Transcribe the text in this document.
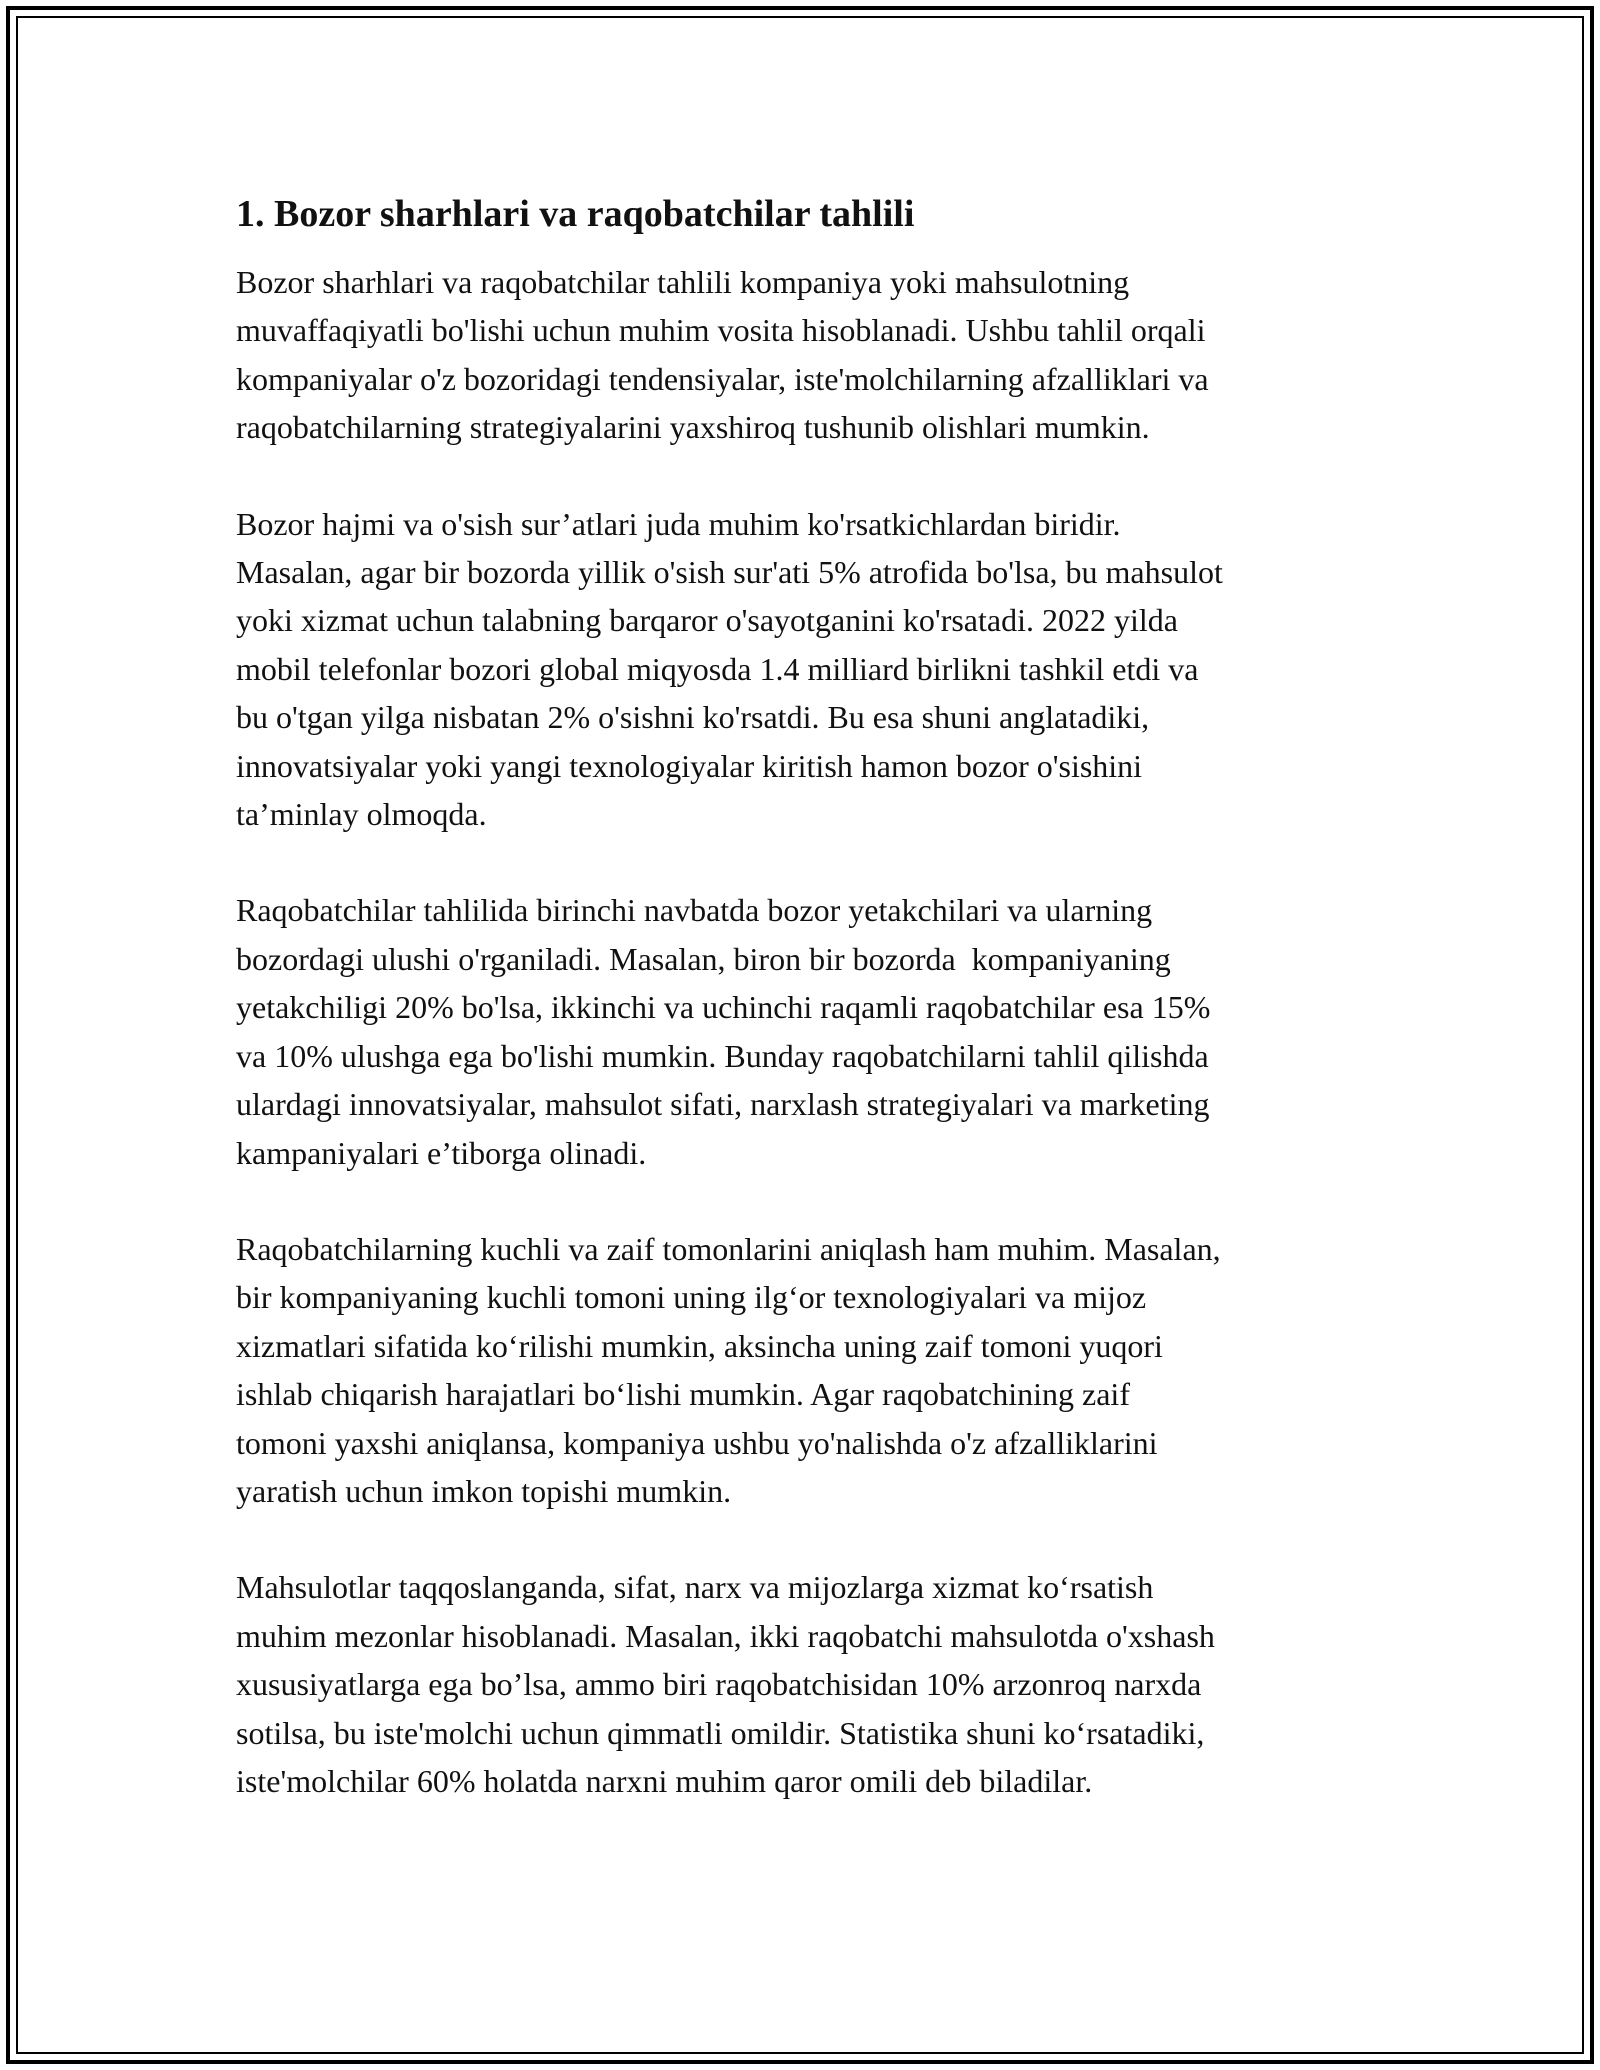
1. Bozor sharhlari va raqobatchilar tahlili

Bozor sharhlari va raqobatchilar tahlili kompaniya yoki mahsulotning
muvaffaqiyatli bo'lishi uchun muhim vosita hisoblanadi. Ushbu tahlil orqali
kompaniyalar o'z bozoridagi tendensiyalar, iste'molchilarning afzalliklari va
raqobatchilarning strategiyalarini yaxshiroq tushunib olishlari mumkin.

Bozor hajmi va o'sish sur’atlari juda muhim ko'rsatkichlardan biridir.
Masalan, agar bir bozorda yillik o'sish sur'ati 5% atrofida bo'lsa, bu mahsulot
yoki xizmat uchun talabning barqaror o'sayotganini ko'rsatadi. 2022 yilda
mobil telefonlar bozori global miqyosda 1.4 milliard birlikni tashkil etdi va
bu o'tgan yilga nisbatan 2% o'sishni ko'rsatdi. Bu esa shuni anglatadiki,
innovatsiyalar yoki yangi texnologiyalar kiritish hamon bozor o'sishini
ta’minlay olmoqda.

Raqobatchilar tahlilida birinchi navbatda bozor yetakchilari va ularning
bozordagi ulushi o'rganiladi. Masalan, biron bir bozorda  kompaniyaning
yetakchiligi 20% bo'lsa, ikkinchi va uchinchi raqamli raqobatchilar esa 15%
va 10% ulushga ega bo'lishi mumkin. Bunday raqobatchilarni tahlil qilishda
ulardagi innovatsiyalar, mahsulot sifati, narxlash strategiyalari va marketing
kampaniyalari e’tiborga olinadi.

Raqobatchilarning kuchli va zaif tomonlarini aniqlash ham muhim. Masalan,
bir kompaniyaning kuchli tomoni uning ilg‘or texnologiyalari va mijoz
xizmatlari sifatida ko‘rilishi mumkin, aksincha uning zaif tomoni yuqori
ishlab chiqarish harajatlari bo‘lishi mumkin. Agar raqobatchining zaif
tomoni yaxshi aniqlansa, kompaniya ushbu yo'nalishda o'z afzalliklarini
yaratish uchun imkon topishi mumkin.

Mahsulotlar taqqoslanganda, sifat, narx va mijozlarga xizmat ko‘rsatish
muhim mezonlar hisoblanadi. Masalan, ikki raqobatchi mahsulotda o'xshash
xususiyatlarga ega bo’lsa, ammo biri raqobatchisidan 10% arzonroq narxda
sotilsa, bu iste'molchi uchun qimmatli omildir. Statistika shuni ko‘rsatadiki,
iste'molchilar 60% holatda narxni muhim qaror omili deb biladilar.
